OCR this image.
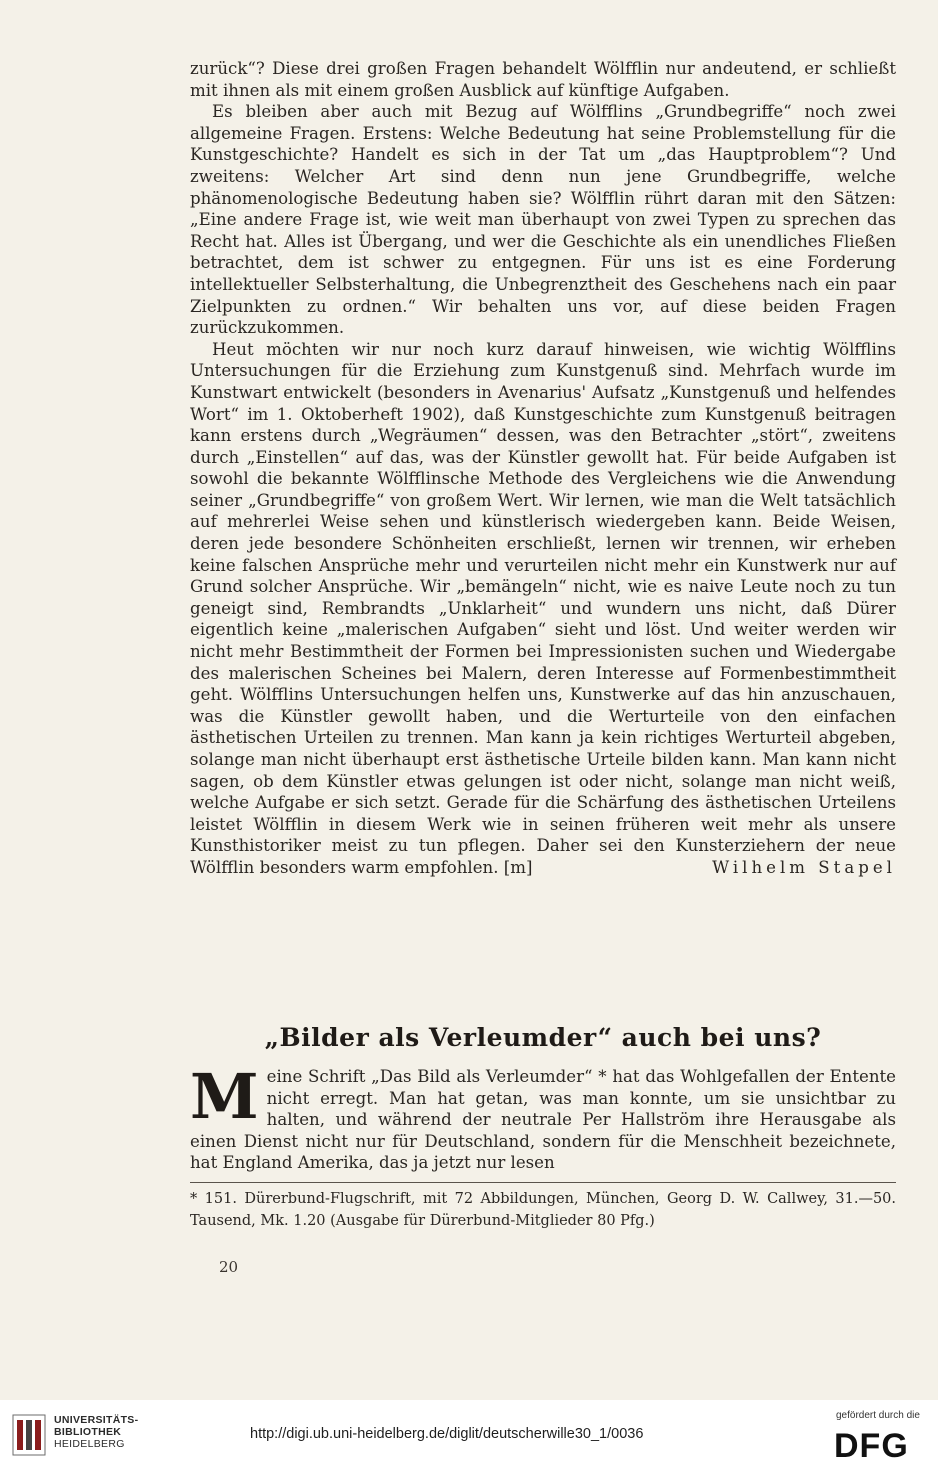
zurück“? Diese drei großen Fragen behandelt Wölfflin nur andeutend, er schließt mit ihnen als mit einem großen Ausblick auf künftige Aufgaben.

Es bleiben aber auch mit Bezug auf Wölfflins „Grundbegriffe“ noch zwei allgemeine Fragen. Erstens: Welche Bedeutung hat seine Problemstellung für die Kunstgeschichte? Handelt es sich in der Tat um „das Hauptproblem“? Und zweitens: Welcher Art sind denn nun jene Grundbegriffe, welche phänomenologische Bedeutung haben sie? Wölfflin rührt daran mit den Sätzen: „Eine andere Frage ist, wie weit man überhaupt von zwei Typen zu sprechen das Recht hat. Alles ist Übergang, und wer die Geschichte als ein unendliches Fließen betrachtet, dem ist schwer zu entgegnen. Für uns ist es eine Forderung intellektueller Selbsterhaltung, die Unbegrenztheit des Geschehens nach ein paar Zielpunkten zu ordnen.“ Wir behalten uns vor, auf diese beiden Fragen zurückzukommen.

Heut möchten wir nur noch kurz darauf hinweisen, wie wichtig Wölfflins Untersuchungen für die Erziehung zum Kunstgenuß sind. Mehrfach wurde im Kunstwart entwickelt (besonders in Avenarius' Aufsatz „Kunstgenuß und helfendes Wort“ im 1. Oktoberheft 1902), daß Kunstgeschichte zum Kunstgenuß beitragen kann erstens durch „Wegräumen“ dessen, was den Betrachter „stört“, zweitens durch „Einstellen“ auf das, was der Künstler gewollt hat. Für beide Aufgaben ist sowohl die bekannte Wölfflinsche Methode des Vergleichens wie die Anwendung seiner „Grundbegriffe“ von großem Wert. Wir lernen, wie man die Welt tatsächlich auf mehrerlei Weise sehen und künstlerisch wiedergeben kann. Beide Weisen, deren jede besondere Schönheiten erschließt, lernen wir trennen, wir erheben keine falschen Ansprüche mehr und verurteilen nicht mehr ein Kunstwerk nur auf Grund solcher Ansprüche. Wir „bemängeln“ nicht, wie es naive Leute noch zu tun geneigt sind, Rembrandts „Unklarheit“ und wundern uns nicht, daß Dürer eigentlich keine „malerischen Aufgaben“ sieht und löst. Und weiter werden wir nicht mehr Bestimmtheit der Formen bei Impressionisten suchen und Wiedergabe des malerischen Scheines bei Malern, deren Interesse auf Formenbestimmtheit geht. Wölfflins Untersuchungen helfen uns, Kunstwerke auf das hin anzuschauen, was die Künstler gewollt haben, und die Werturteile von den einfachen ästhetischen Urteilen zu trennen. Man kann ja kein richtiges Werturteil abgeben, solange man nicht überhaupt erst ästhetische Urteile bilden kann. Man kann nicht sagen, ob dem Künstler etwas gelungen ist oder nicht, solange man nicht weiß, welche Aufgabe er sich setzt. Gerade für die Schärfung des ästhetischen Urteilens leistet Wölfflin in diesem Werk wie in seinen früheren weit mehr als unsere Kunsthistoriker meist zu tun pflegen. Daher sei den Kunsterziehern der neue Wölfflin besonders warm empfohlen. [m]	Wilhelm Stapel

„Bilder als Verleumder“ auch bei uns?
M eine Schrift „Das Bild als Verleumder“ * hat das Wohlgefallen der Entente nicht erregt. Man hat getan, was man konnte, um sie unsichtbar zu halten, und während der neutrale Per Hallström ihre Herausgabe als einen Dienst nicht nur für Deutschland, sondern für die Menschheit bezeichnete, hat England Amerika, das ja jetzt nur lesen
* 151. Dürerbund-Flugschrift, mit 72 Abbildungen, München, Georg D. W. Callwey, 31.—50. Tausend, Mk. 1.20 (Ausgabe für Dürerbund-Mitglieder 80 Pfg.)
20
UNIVERSITÄTS-
BIBLIOTHEK
HEIDELBERG
http://digi.ub.uni-heidelberg.de/diglit/deutscherwille30_1/0036
gefördert durch die
DFG
